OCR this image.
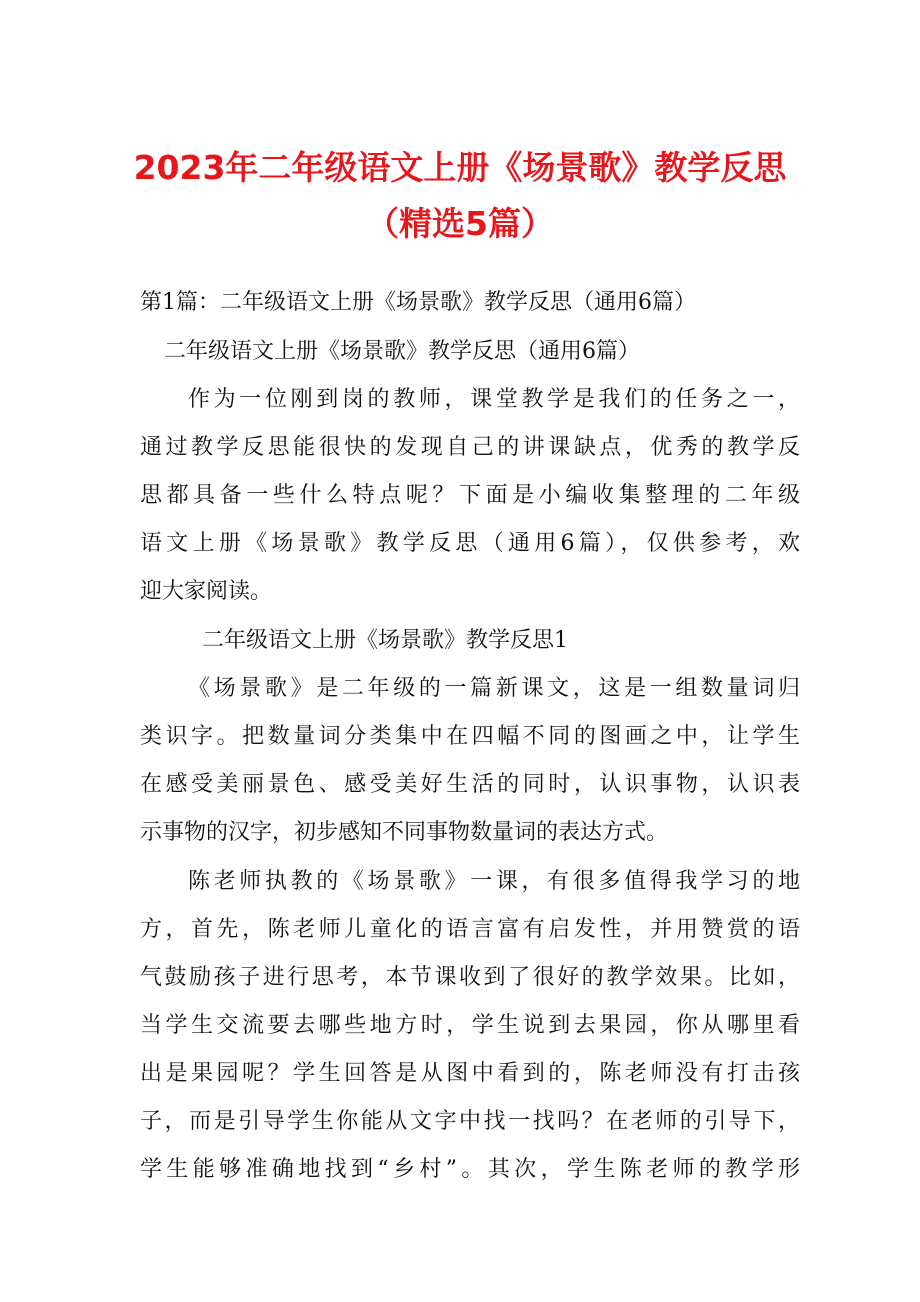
2023年二年级语文上册《场景歌》教学反思
（精选5篇）
第1篇：二年级语文上册《场景歌》教学反思（通用6篇）
二年级语文上册《场景歌》教学反思（通用6篇）
作为一位刚到岗的教师，课堂教学是我们的任务之一，
通过教学反思能很快的发现自己的讲课缺点，优秀的教学反
思都具备一些什么特点呢？下面是小编收集整理的二年级
语文上册《场景歌》教学反思（通用6篇），仅供参考，欢
迎大家阅读。
二年级语文上册《场景歌》教学反思1
《场景歌》是二年级的一篇新课文，这是一组数量词归
类识字。把数量词分类集中在四幅不同的图画之中，让学生
在感受美丽景色、感受美好生活的同时，认识事物，认识表
示事物的汉字，初步感知不同事物数量词的表达方式。
陈老师执教的《场景歌》一课，有很多值得我学习的地
方，首先，陈老师儿童化的语言富有启发性，并用赞赏的语
气鼓励孩子进行思考，本节课收到了很好的教学效果。比如，
当学生交流要去哪些地方时，学生说到去果园，你从哪里看
出是果园呢？学生回答是从图中看到的，陈老师没有打击孩
子，而是引导学生你能从文字中找一找吗？在老师的引导下，
学生能够准确地找到“乡村”。其次，学生陈老师的教学形
